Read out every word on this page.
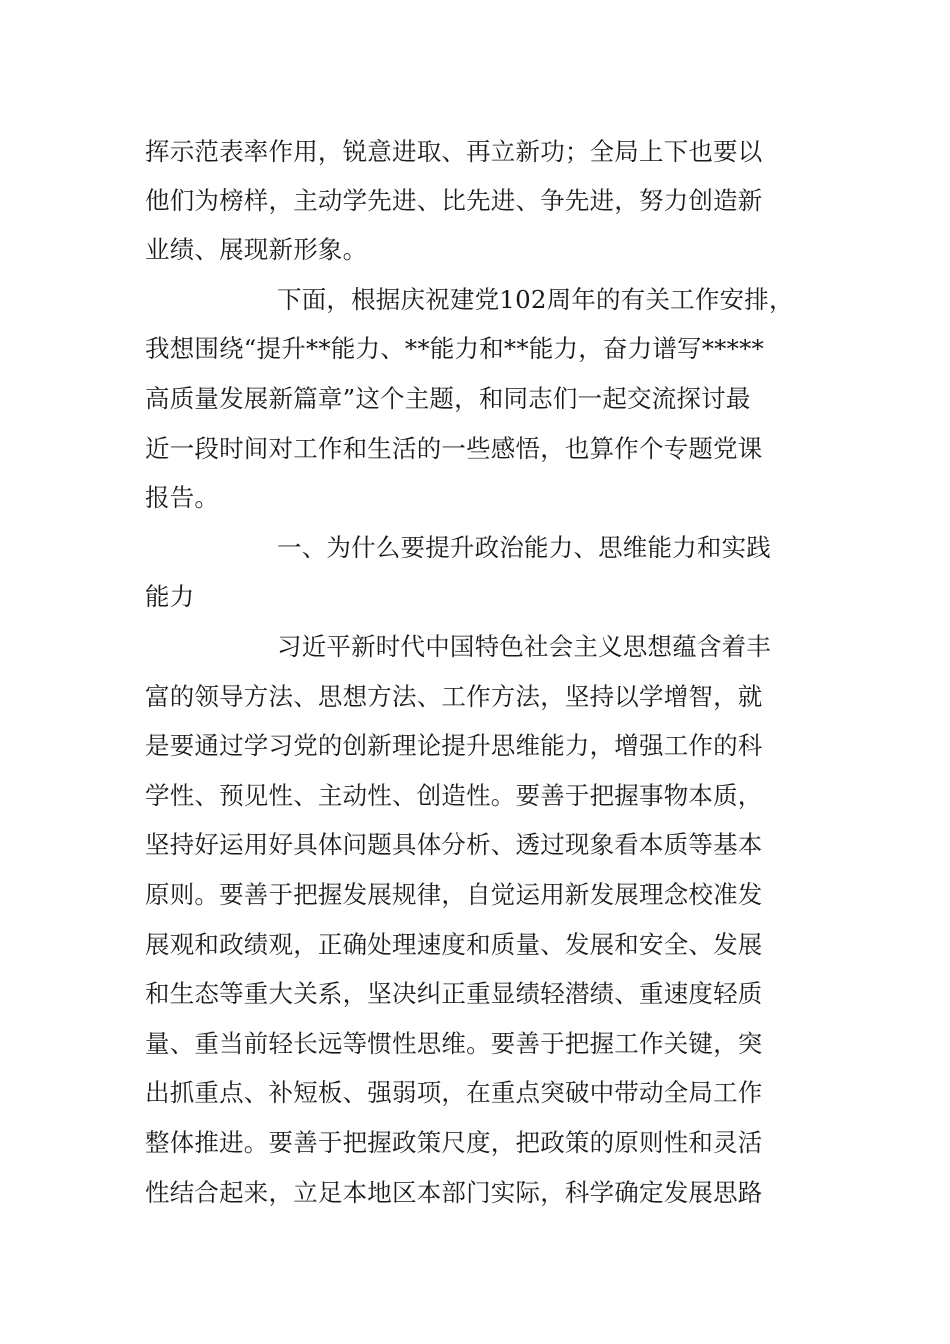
挥示范表率作用，锐意进取、再立新功；全局上下也要以
他们为榜样，主动学先进、比先进、争先进，努力创造新
业绩、展现新形象。
下面，根据庆祝建党102周年的有关工作安排，
我想围绕“提升**能力、**能力和**能力，奋力谱写*****
高质量发展新篇章”这个主题，和同志们一起交流探讨最
近一段时间对工作和生活的一些感悟，也算作个专题党课
报告。
一、为什么要提升政治能力、思维能力和实践
能力
习近平新时代中国特色社会主义思想蕴含着丰
富的领导方法、思想方法、工作方法，坚持以学增智，就
是要通过学习党的创新理论提升思维能力，增强工作的科
学性、预见性、主动性、创造性。要善于把握事物本质，
坚持好运用好具体问题具体分析、透过现象看本质等基本
原则。要善于把握发展规律，自觉运用新发展理念校准发
展观和政绩观，正确处理速度和质量、发展和安全、发展
和生态等重大关系，坚决纠正重显绩轻潜绩、重速度轻质
量、重当前轻长远等惯性思维。要善于把握工作关键，突
出抓重点、补短板、强弱项，在重点突破中带动全局工作
整体推进。要善于把握政策尺度，把政策的原则性和灵活
性结合起来，立足本地区本部门实际，科学确定发展思路
